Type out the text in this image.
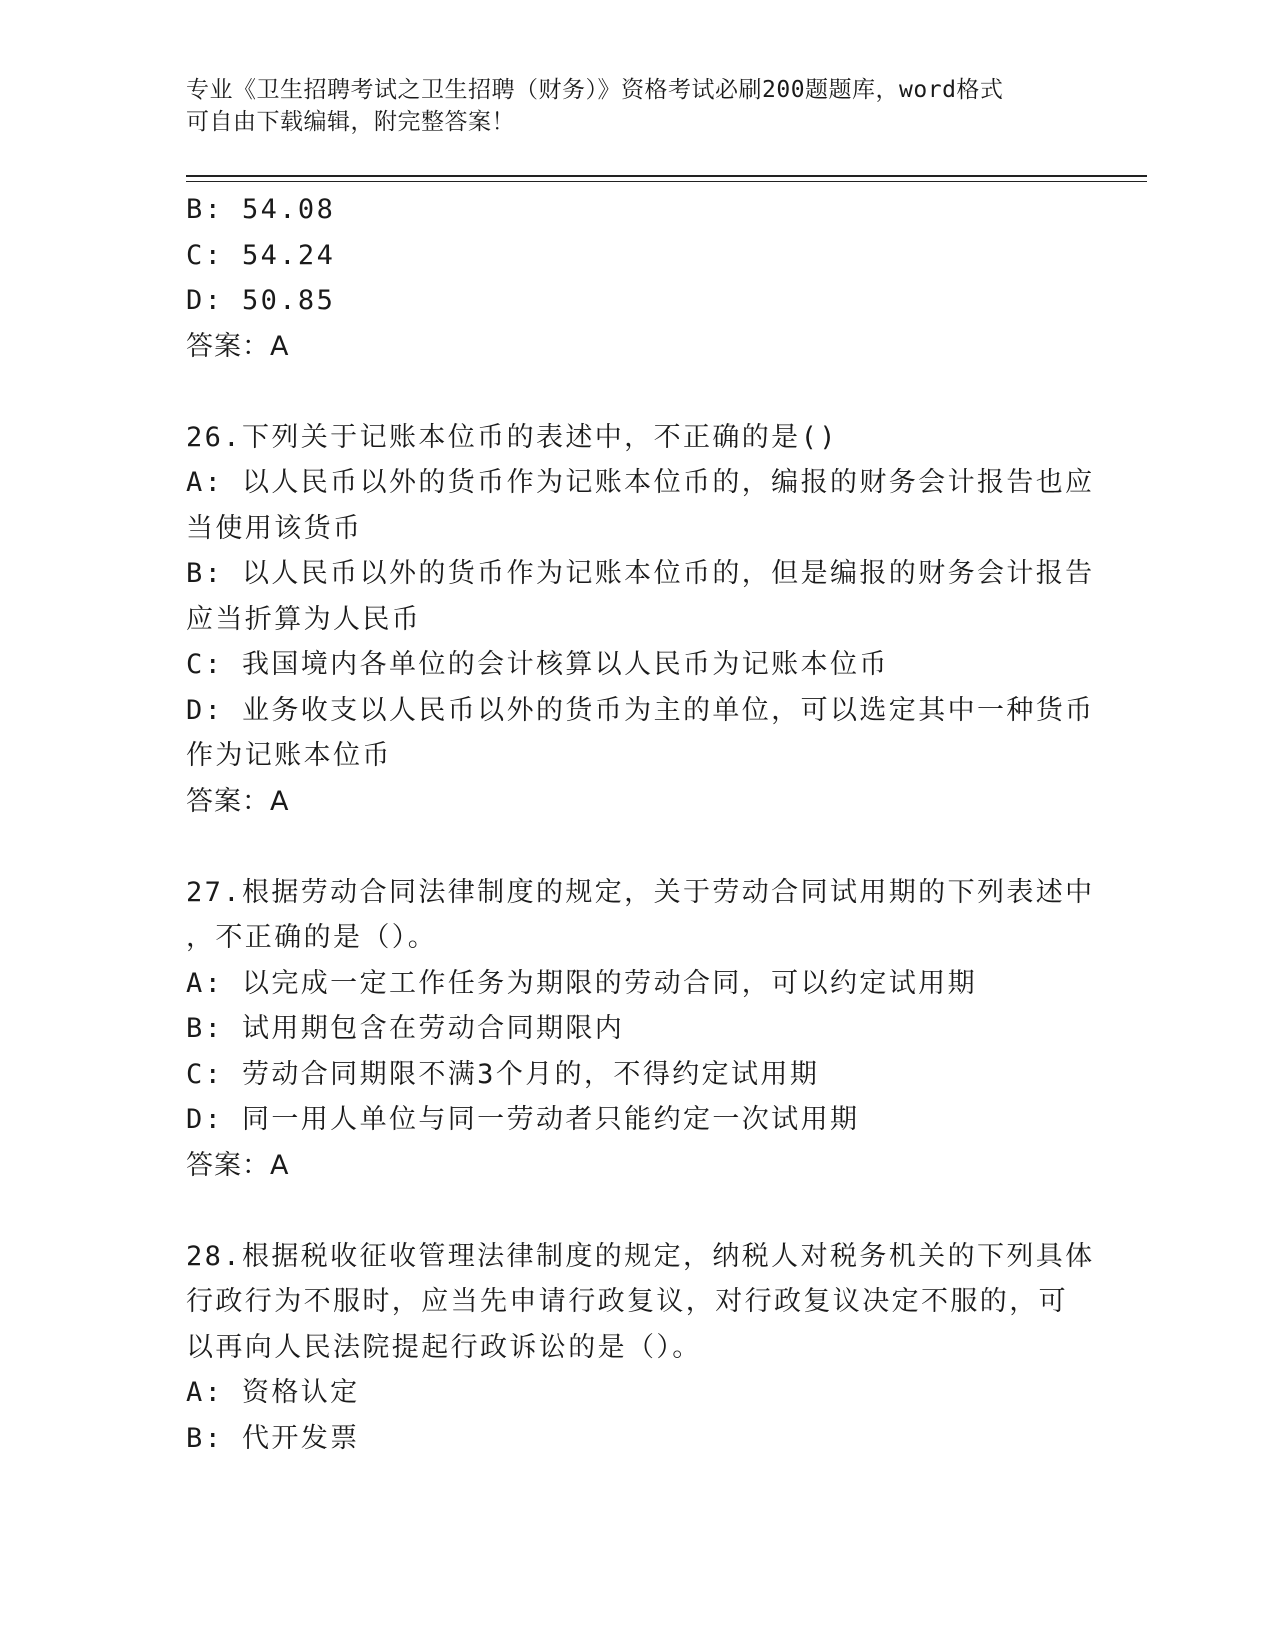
专业《卫生招聘考试之卫生招聘（财务）》资格考试必刷200题题库，word格式
可自由下载编辑，附完整答案！
B: 54.08
C: 54.24
D: 50.85
答案：A
26.下列关于记账本位币的表述中，不正确的是()
A: 以人民币以外的货币作为记账本位币的，编报的财务会计报告也应
当使用该货币
B: 以人民币以外的货币作为记账本位币的，但是编报的财务会计报告
应当折算为人民币
C: 我国境内各单位的会计核算以人民币为记账本位币
D: 业务收支以人民币以外的货币为主的单位，可以选定其中一种货币
作为记账本位币
答案：A
27.根据劳动合同法律制度的规定，关于劳动合同试用期的下列表述中
，不正确的是（）。
A: 以完成一定工作任务为期限的劳动合同，可以约定试用期
B: 试用期包含在劳动合同期限内
C: 劳动合同期限不满3个月的，不得约定试用期
D: 同一用人单位与同一劳动者只能约定一次试用期
答案：A
28.根据税收征收管理法律制度的规定，纳税人对税务机关的下列具体
行政行为不服时，应当先申请行政复议，对行政复议决定不服的，可
以再向人民法院提起行政诉讼的是（）。
A: 资格认定
B: 代开发票
